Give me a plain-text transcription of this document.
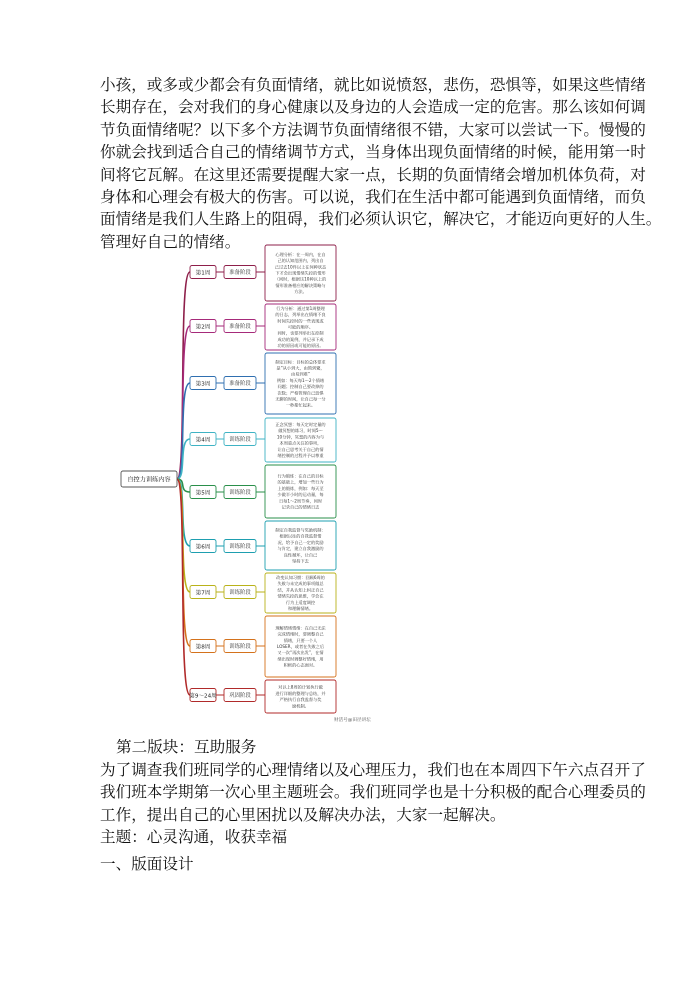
小孩，或多或少都会有负面情绪，就比如说愤怒，悲伤，恐惧等，如果这些情绪
长期存在，会对我们的身心健康以及身边的人会造成一定的危害。那么该如何调
节负面情绪呢？以下多个方法调节负面情绪很不错，大家可以尝试一下。慢慢的
你就会找到适合自己的情绪调节方式，当身体出现负面情绪的时候，能用第一时
间将它瓦解。在这里还需要提醒大家一点，长期的负面情绪会增加机体负荷，对
身体和心理会有极大的伤害。可以说，我们在生活中都可能遇到负面情绪，而负
面情绪是我们人生路上的阻碍，我们必须认识它，解决它，才能迈向更好的人生。
管理好自己的情绪。
第1周	准备阶段
心理分析：在一周内，在自
己的认知范围内，列出自
己过去10件以上在何种状态
下才会出现情绪失控的情形
（同时，根据这10种以上的
情形准备相应的解决策略与
方法。
第2周	准备阶段
行为分析：通过第1周整理
的日志，列举出在情绪不良
时间失控时的一些表现或
可能的顺序。
同时，也要列举出在控制
成功的案例，并记录下成
功的原因或可能的原因。
第3周	准备阶段
制定目标：目标的总体要求
是“从小到大，由简到繁，
由易到难”
例如：每天每1～2个情绪
问题；控制自己要改掉的
次数；严格管理自己恐惧
无聊的时间，让自己每一分
一秒都忙起来。
第4周	训练阶段
正念冥想：每天定时定量的
做冥想的练习，时间5～
10分钟，冥想的内容为与
本周重点关注的事项，
让自己思考关于自己的情
绪控制的过程并予以尊重
第5周	训练阶段
行为锻炼：在自己的目标
的基础上，增加一些行为
上的锻炼，例如：每天至
少做半小时的运动量，每
日每1～2周节奏，同时
记录自己的情绪日志
第6周	训练阶段
制定自我监督与奖励机制：
根据以往的自我监督情
况，给予自己一定的奖励
与肯定，建立自我激励的
良性循环，让自己
坚持下去
第7周	训练阶段
改变认知习惯：回顾6周的
失败与未完成的事项做总
结，并从认知上纠正自己
情绪失控的思维，学会在
行为上适度调控
和理解情绪。
第8周	训练阶段
理解情绪情绪：在自己无法
完成情绪时，要调整自己
情绪，只要一个人
LOSER，或者在失败之后
又一次“再次出发”，在情
绪出现时调整好情绪，用
积极的心态面对。
第9～24周 巩固阶段
对以上8周的计划执行做
进行详细的整理与总结，并
严格执行自我监督与奖
励机制。
自控力训练内容
财活号@田径讲坛
第二版块：互助服务
为了调查我们班同学的心理情绪以及心理压力，我们也在本周四下午六点召开了
我们班本学期第一次心里主题班会。我们班同学也是十分积极的配合心理委员的
工作，提出自己的心里困扰以及解决办法，大家一起解决。
主题：心灵沟通，收获幸福
一、版面设计
